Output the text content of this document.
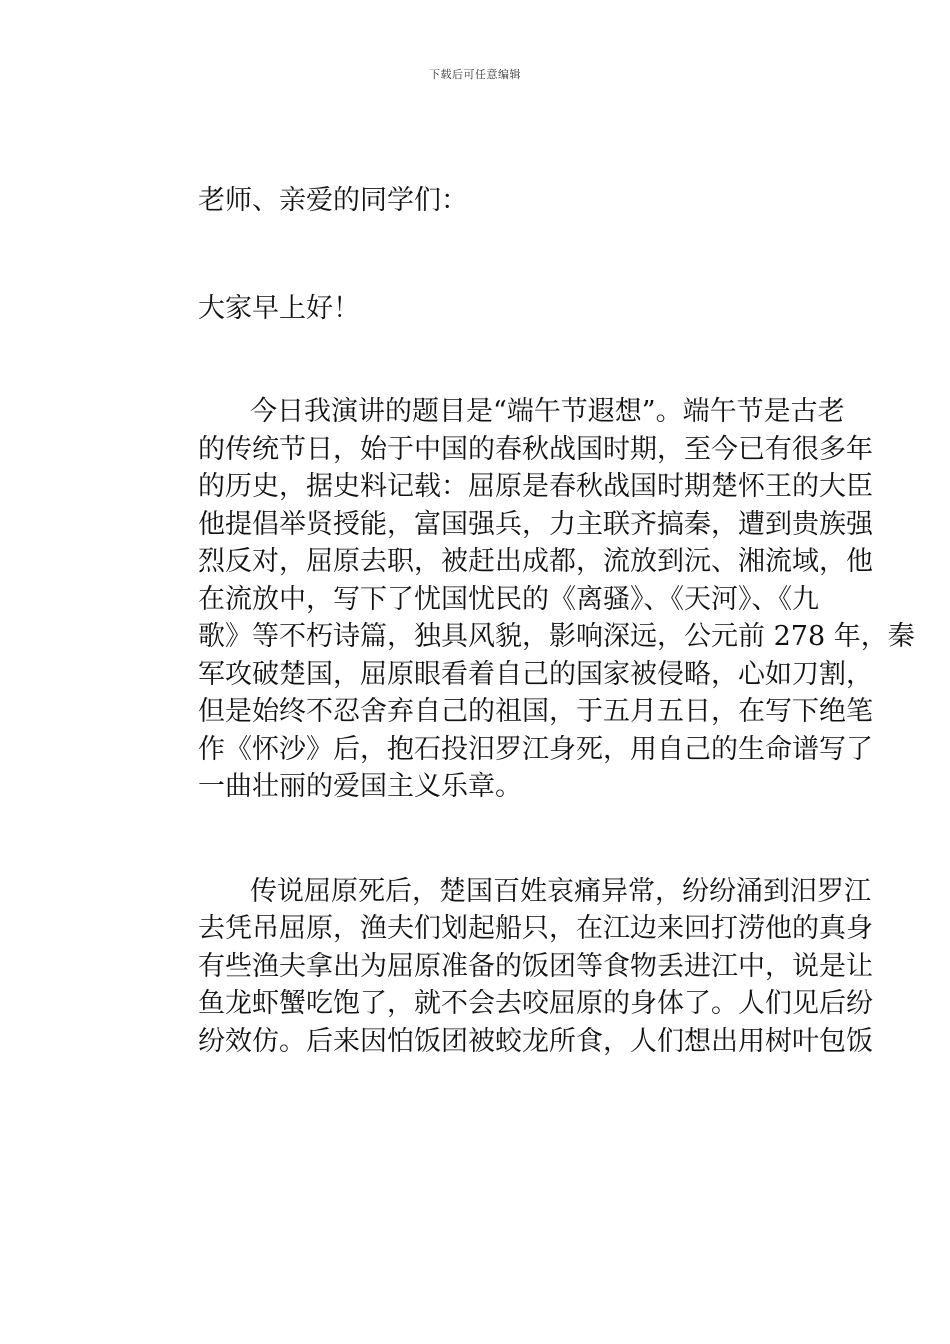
下载后可任意编辑
老师、亲爱的同学们：
大家早上好！
今日我演讲的题目是“端午节遐想”。端午节是古老
的传统节日，始于中国的春秋战国时期，至今已有很多年
的历史，据史料记载：屈原是春秋战国时期楚怀王的大臣
他提倡举贤授能，富国强兵，力主联齐搞秦，遭到贵族强
烈反对，屈原去职，被赶出成都，流放到沅、湘流域，他
在流放中，写下了忧国忧民的《离骚》、《天河》、《九
歌》等不朽诗篇，独具风貌，影响深远，公元前 278 年，秦
军攻破楚国，屈原眼看着自己的国家被侵略，心如刀割，
但是始终不忍舍弃自己的祖国，于五月五日，在写下绝笔
作《怀沙》后，抱石投汨罗江身死，用自己的生命谱写了
一曲壮丽的爱国主义乐章。
传说屈原死后，楚国百姓哀痛异常，纷纷涌到汨罗江
去凭吊屈原，渔夫们划起船只，在江边来回打涝他的真身
有些渔夫拿出为屈原准备的饭团等食物丢进江中，说是让
鱼龙虾蟹吃饱了，就不会去咬屈原的身体了。人们见后纷
纷效仿。后来因怕饭团被蛟龙所食，人们想出用树叶包饭
